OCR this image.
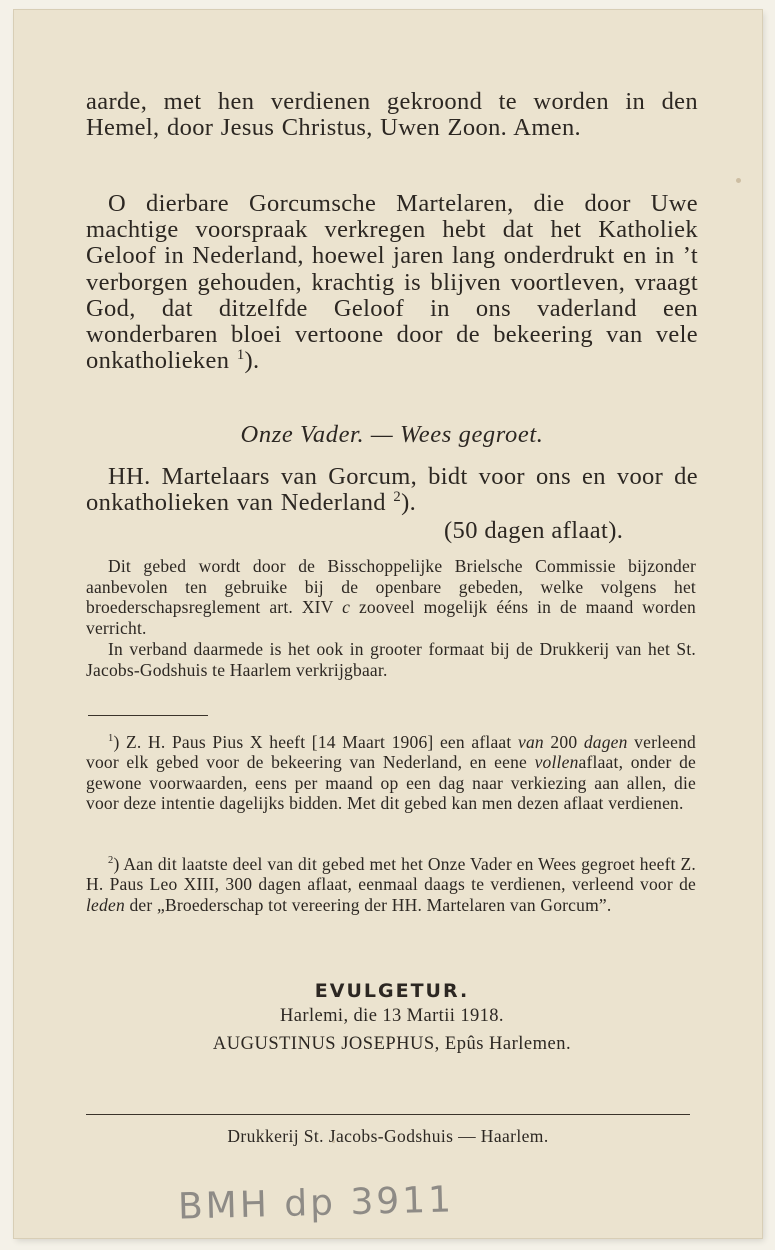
aarde, met hen verdienen gekroond te worden in den Hemel, door Jesus Christus, Uwen Zoon. Amen.
O dierbare Gorcumsche Martelaren, die door Uwe machtige voorspraak verkregen hebt dat het Katholiek Geloof in Nederland, hoewel jaren lang onderdrukt en in ’t verborgen gehouden, krachtig is blijven voortleven, vraagt God, dat ditzelfde Geloof in ons vaderland een wonderbaren bloei vertoone door de bekeering van vele onkatholieken $^1$).
Onze Vader. — Wees gegroet.
HH. Martelaars van Gorcum, bidt voor ons en voor de onkatholieken van Nederland $^2$).
(50 dagen aflaat).
Dit gebed wordt door de Bisschoppelijke Brielsche Commissie bijzonder aanbevolen ten gebruike bij de openbare gebeden, welke volgens het broederschapsreglement art. XIV c zooveel mogelijk ééns in de maand worden verricht.
In verband daarmede is het ook in grooter formaat bij de Drukkerij van het St. Jacobs-Godshuis te Haarlem verkrijgbaar.
$^1$) Z. H. Paus Pius X heeft [14 Maart 1906] een aflaat van 200 dagen verleend voor elk gebed voor de bekeering van Nederland, en eene vollenaflaat, onder de gewone voorwaarden, eens per maand op een dag naar verkiezing aan allen, die voor deze intentie dagelijks bidden. Met dit gebed kan men dezen aflaat verdienen.
$^2$) Aan dit laatste deel van dit gebed met het Onze Vader en Wees gegroet heeft Z. H. Paus Leo XIII, 300 dagen aflaat, eenmaal daags te verdienen, verleend voor de leden der „Broederschap tot vereering der HH. Martelaren van Gorcum”.
EVULGETUR.
Harlemi, die 13 Martii 1918.
AUGUSTINUS JOSEPHUS, Epûs Harlemen.
Drukkerij St. Jacobs-Godshuis — Haarlem.
BMH dp 3911
